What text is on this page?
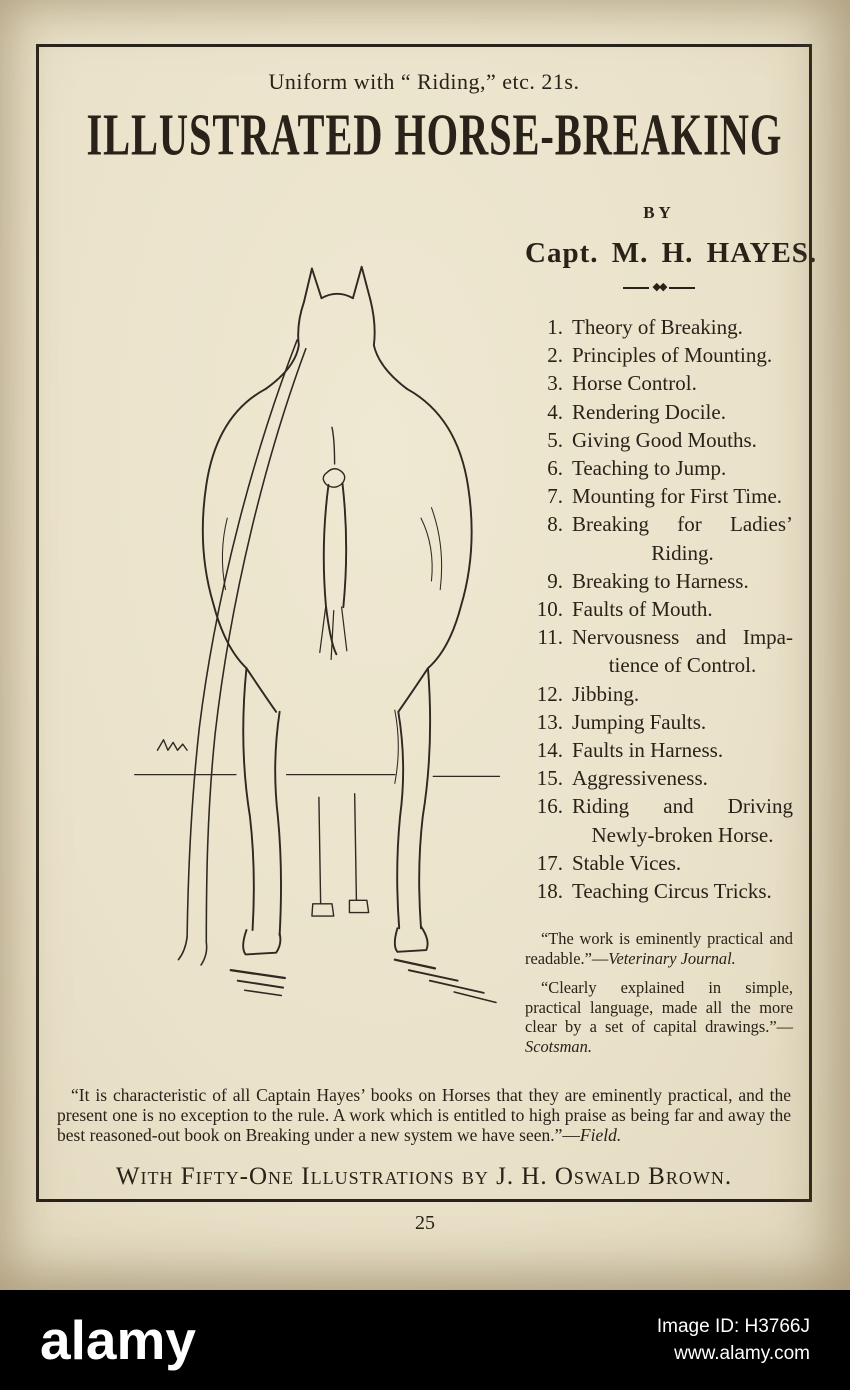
Uniform with “ Riding,” etc. 21s.
ILLUSTRATED HORSE-BREAKING
BY
Capt. M. H. HAYES.
◆◆
1. Theory of Breaking.
2. Principles of Mounting.
3. Horse Control.
4. Rendering Docile.
5. Giving Good Mouths.
6. Teaching to Jump.
7. Mounting for First Time.
8. Breaking for Ladies’
Riding.
9. Breaking to Harness.
10. Faults of Mouth.
11. Nervousness and Impa-
tience of Control.
12. Jibbing.
13. Jumping Faults.
14. Faults in Harness.
15. Aggressiveness.
16. Riding and Driving
Newly-broken Horse.
17. Stable Vices.
18. Teaching Circus Tricks.

“The work is eminently practical and readable.”—Veterinary Journal.

“Clearly explained in simple, practical language, made all the more clear by a set of capital drawings.”—Scotsman.

“It is characteristic of all Captain Hayes’ books on Horses that they are eminently practical, and the present one is no exception to the rule. A work which is entitled to high praise as being far and away the best reasoned-out book on Breaking under a new system we have seen.”—Field.

With Fifty-One Illustrations by J. H. Oswald Brown.
25
alamy	Image ID: H3766J
www.alamy.com
